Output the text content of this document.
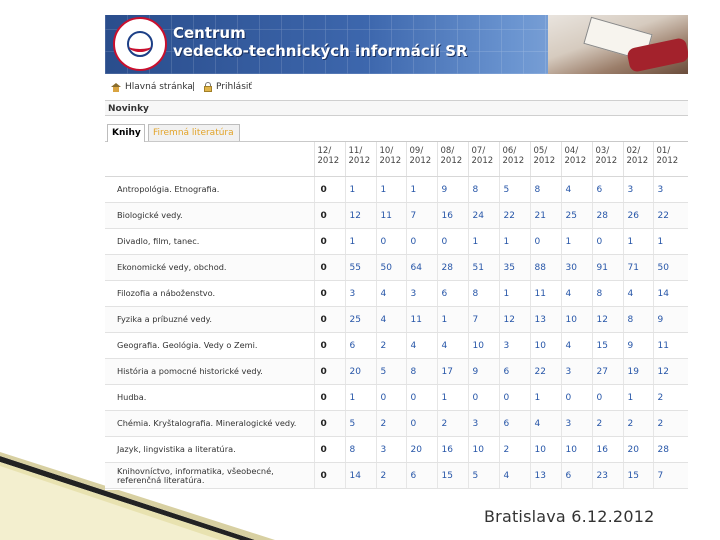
Centrum
vedecko-technických informácií SR
Hlavná stránka | Prihlásiť
Novinky
Knihy	Firemná literatúra
	12/ 2012	11/ 2012	10/ 2012	09/ 2012	08/ 2012	07/ 2012	06/ 2012	05/ 2012	04/ 2012	03/ 2012	02/ 2012	01/ 2012
Antropológia. Etnografia.	0	1	1	1	9	8	5	8	4	6	3	3
Biologické vedy.	0	12	11	7	16	24	22	21	25	28	26	22
Divadlo, film, tanec.	0	1	0	0	0	1	1	0	1	0	1	1
Ekonomické vedy, obchod.	0	55	50	64	28	51	35	88	30	91	71	50
Filozofia a náboženstvo.	0	3	4	3	6	8	1	11	4	8	4	14
Fyzika a príbuzné vedy.	0	25	4	11	1	7	12	13	10	12	8	9
Geografia. Geológia. Vedy o Zemi.	0	6	2	4	4	10	3	10	4	15	9	11
História a pomocné historické vedy.	0	20	5	8	17	9	6	22	3	27	19	12
Hudba.	0	1	0	0	1	0	0	1	0	0	1	2
Chémia. Kryštalografia. Mineralogické vedy.	0	5	2	0	2	3	6	4	3	2	2	2
Jazyk, lingvistika a literatúra.	0	8	3	20	16	10	2	10	10	16	20	28
Knihovníctvo, informatika, všeobecné, referenčná literatúra.	0	14	2	6	15	5	4	13	6	23	15	7
Bratislava 6.12.2012
